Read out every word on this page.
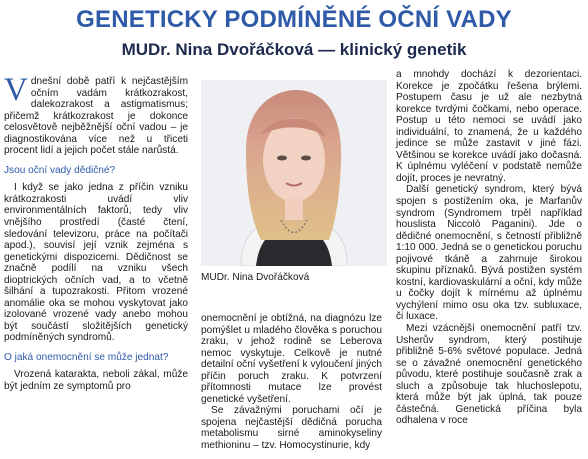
GENETICKY PODMÍNĚNÉ OČNÍ VADY
MUDr. Nina Dvořáčková — klinický genetik

Vdnešní době patří k nejčastějším očním vadám krátkozrakost, dalekozrakost a astigmatismus; přičemž krátkozrakost je dokonce celosvětově nejběžnější oční vadou – je diagnostikována více než u třiceti procent lidí a jejich počet stále narůstá.

Jsou oční vady dědičné?

I když se jako jedna z příčin vzniku krátkozrakosti uvádí vliv environmentálních faktorů, tedy vliv vnějšího prostředí (časté čtení, sledování televizoru, práce na počítači apod.), souvisí její vznik zejména s genetickými dispozicemi. Dědičnost se značně podílí na vzniku všech dioptrických očních vad, a to včetně šilhání a tupozrakosti. Přitom vrozené anomálie oka se mohou vyskytovat jako izolované vrozené vady anebo mohou být součástí složitějších genetický podmíněných syndromů.

O jaká onemocnění se může jednat?

Vrozená katarakta, neboli zákal, může být jedním ze symptomů pro

MUDr. Nina Dvořáčková

onemocnění je obtížná, na diagnózu lze pomýšlet u mladého člověka s poruchou zraku, v jehož rodině se Leberova nemoc vyskytuje. Celkově je nutné detailní oční vyšetření k vyloučení jiných příčin poruch zraku. K potvrzení přítomnosti mutace lze provést genetické vyšetření.

Se závažnými poruchami očí je spojena nejčastější dědičná porucha metabolismu sirné aminokyseliny methioninu – tzv. Homocystinurie, kdy

a mnohdy dochází k dezorientaci. Korekce je zpočátku řešena brýlemi. Postupem času je už ale nezbytná korekce tvrdými čočkami, nebo operace. Postup u této nemoci se uvádí jako individuální, to znamená, že u každého jedince se může zastavit v jiné fázi. Většinou se korekce uvádí jako dočasná. K úplnému vyléčení v podstatě nemůže dojít, proces je nevratný.

Další genetický syndrom, který bývá spojen s postižením oka, je Marfanův syndrom (Syndromem trpěl například houslista Niccolò Paganini). Jde o dědičné onemocnění, s četností přibližně 1:10 000. Jedná se o genetickou poruchu pojivové tkáně a zahrnuje širokou skupinu příznaků. Bývá postižen systém kostní, kardiovaskulární a oční, kdy může u čočky dojít k mírnému až úplnému vychýlení mimo osu oka tzv. subluxace, či luxace.

Mezi vzácnější onemocnění patří tzv. Usherův syndrom, který postihuje přibližně 5-6% světové populace. Jedná se o závažné onemocnění genetického původu, které postihuje současně zrak a sluch a způsobuje tak hluchoslepotu, která může být jak úplná, tak pouze částečná. Genetická příčina byla odhalena v roce
